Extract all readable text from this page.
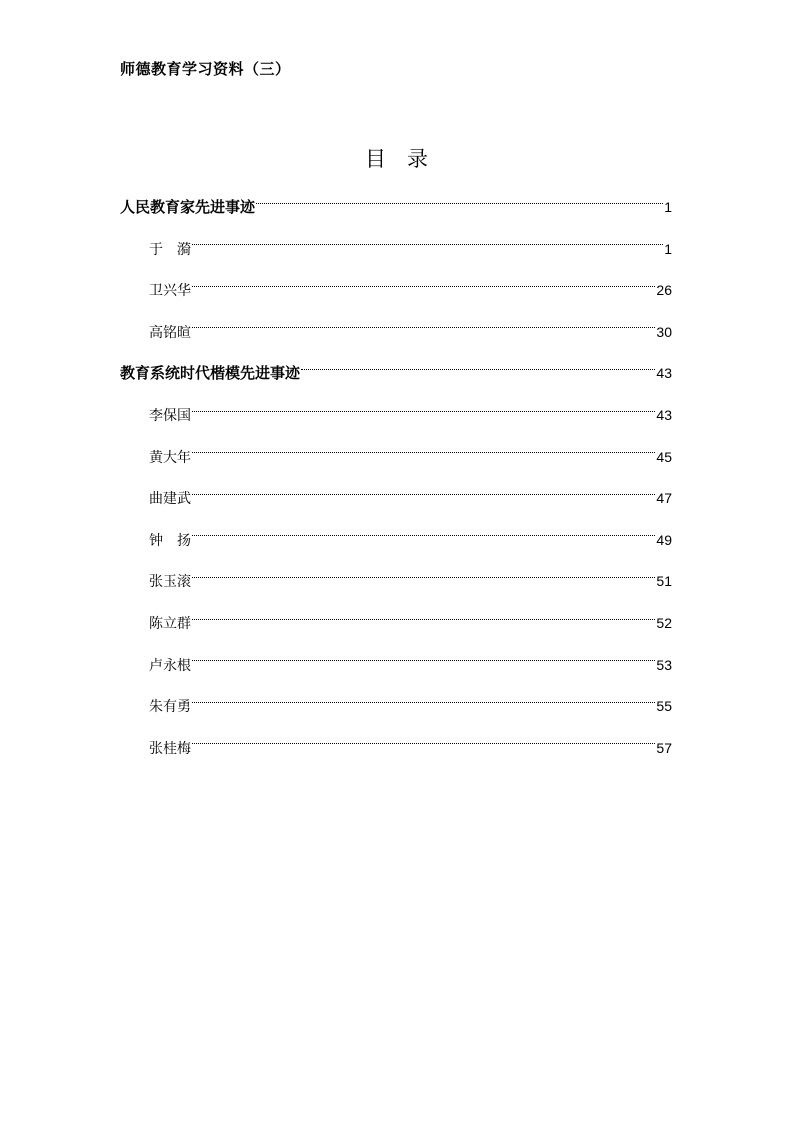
师德教育学习资料（三）
目　录
人民教育家先进事迹	1
于　漪	1
卫兴华	26
高铭暄	30
教育系统时代楷模先进事迹	43
李保国	43
黄大年	45
曲建武	47
钟　扬	49
张玉滚	51
陈立群	52
卢永根	53
朱有勇	55
张桂梅	57
